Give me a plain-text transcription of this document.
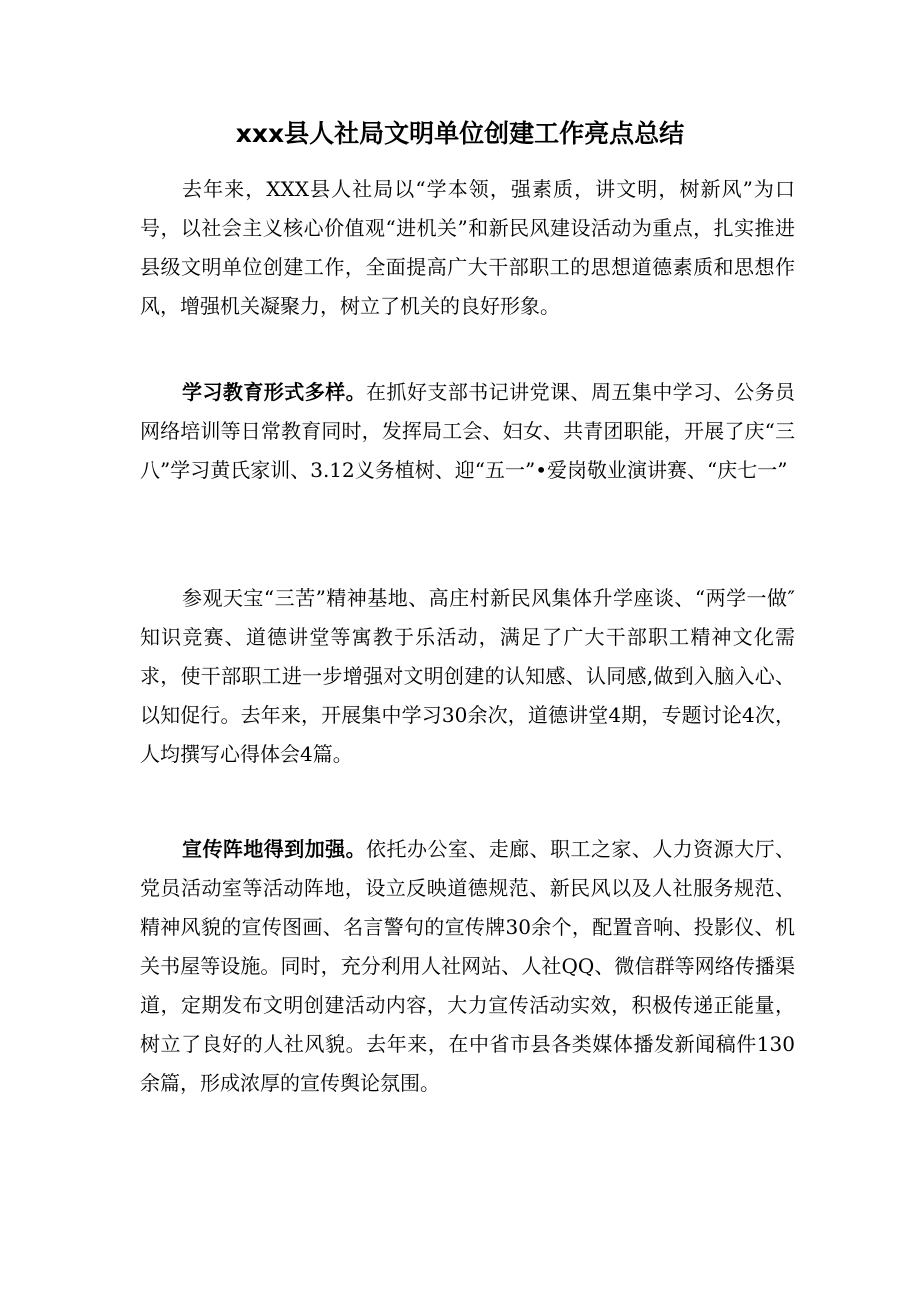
xxx县人社局文明单位创建工作亮点总结

去年来，XXX县人社局以“学本领，强素质，讲文明，树新风”为口号，以社会主义核心价值观“进机关”和新民风建设活动为重点，扎实推进县级文明单位创建工作，全面提高广大干部职工的思想道德素质和思想作风，增强机关凝聚力，树立了机关的良好形象。

学习教育形式多样。在抓好支部书记讲党课、周五集中学习、公务员网络培训等日常教育同时，发挥局工会、妇女、共青团职能，开展了庆“三八”学习黄氏家训、3.12义务植树、迎“五一”•爱岗敬业演讲赛、“庆七一”

参观天宝“三苦”精神基地、高庄村新民风集体升学座谈、“两学一做″知识竞赛、道德讲堂等寓教于乐活动，满足了广大干部职工精神文化需求，使干部职工进一步增强对文明创建的认知感、认同感,做到入脑入心、以知促行。去年来，开展集中学习30余次，道德讲堂4期，专题讨论4次，人均撰写心得体会4篇。

宣传阵地得到加强。依托办公室、走廊、职工之家、人力资源大厅、党员活动室等活动阵地，设立反映道德规范、新民风以及人社服务规范、精神风貌的宣传图画、名言警句的宣传牌30余个，配置音响、投影仪、机关书屋等设施。同时，充分利用人社网站、人社QQ、微信群等网络传播渠道，定期发布文明创建活动内容，大力宣传活动实效，积极传递正能量，树立了良好的人社风貌。去年来，在中省市县各类媒体播发新闻稿件130余篇，形成浓厚的宣传舆论氛围。
